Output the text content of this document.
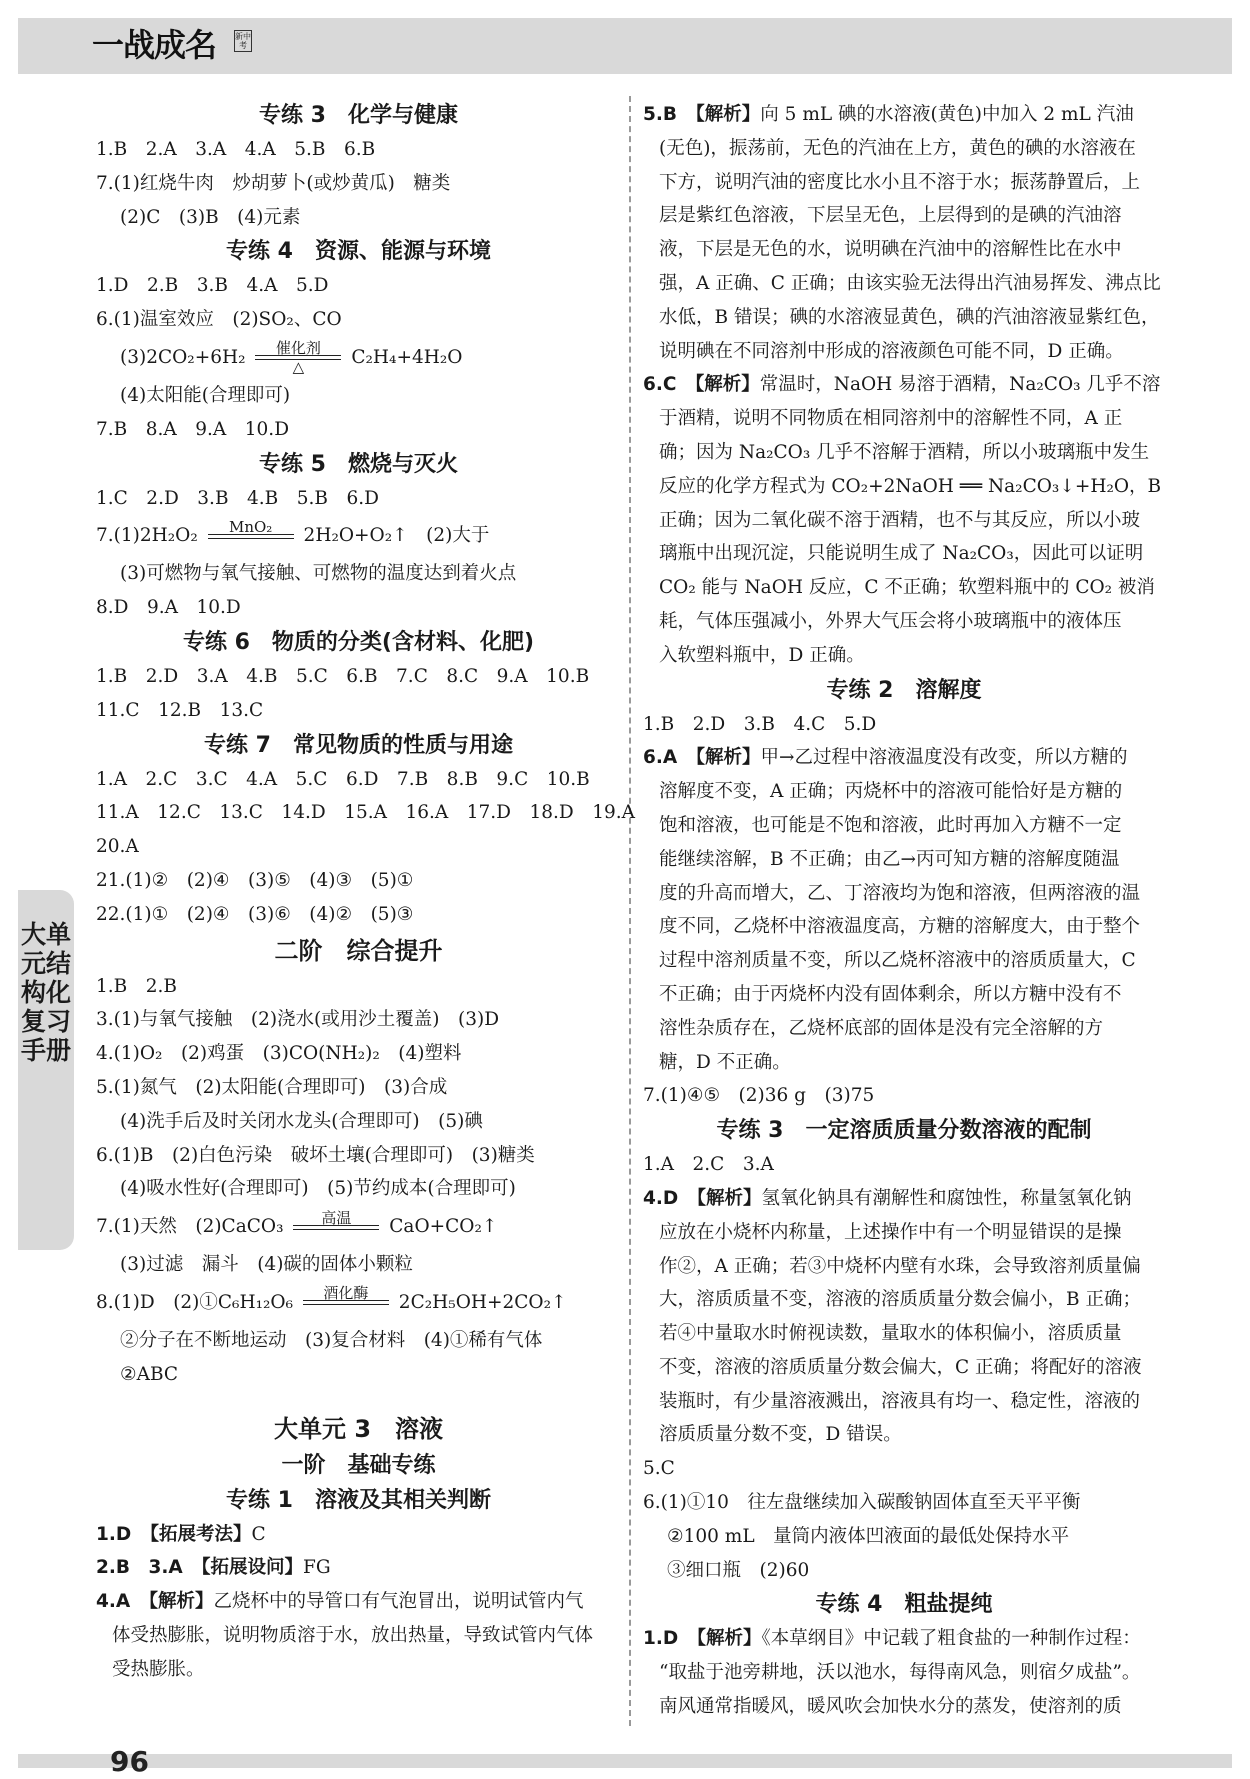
一战成名 新中考
大单元结构化复习手册
专练 3　化学与健康
1.B　2.A　3.A　4.A　5.B　6.B
7.(1)红烧牛肉　炒胡萝卜(或炒黄瓜)　糖类
(2)C　(3)B　(4)元素
专练 4　资源、能源与环境
1.D　2.B　3.B　4.A　5.D
6.(1)温室效应　(2)SO₂、CO
(3)2CO₂+6H₂ 催化剂
△	C₂H₄+4H₂O
(4)太阳能(合理即可)
7.B　8.A　9.A　10.D
专练 5　燃烧与灭火
1.C　2.D　3.B　4.B　5.B　6.D
7.(1)2H₂O₂ MnO₂ 2H₂O+O₂↑　(2)大于
(3)可燃物与氧气接触、可燃物的温度达到着火点
8.D　9.A　10.D
专练 6　物质的分类(含材料、化肥)
1.B　2.D　3.A　4.B　5.C　6.B　7.C　8.C　9.A　10.B
11.C　12.B　13.C
专练 7　常见物质的性质与用途
1.A　2.C　3.C　4.A　5.C　6.D　7.B　8.B　9.C　10.B
11.A　12.C　13.C　14.D　15.A　16.A　17.D　18.D　19.A
20.A
21.(1)②　(2)④　(3)⑤　(4)③　(5)①
22.(1)①　(2)④　(3)⑥　(4)②　(5)③
二阶　综合提升
1.B　2.B
3.(1)与氧气接触　(2)浇水(或用沙土覆盖)　(3)D
4.(1)O₂　(2)鸡蛋　(3)CO(NH₂)₂　(4)塑料
5.(1)氮气　(2)太阳能(合理即可)　(3)合成
(4)洗手后及时关闭水龙头(合理即可)　(5)碘
6.(1)B　(2)白色污染　破坏土壤(合理即可)　(3)糖类
(4)吸水性好(合理即可)　(5)节约成本(合理即可)
7.(1)天然　(2)CaCO₃	高温 CaO+CO₂↑
(3)过滤　漏斗　(4)碳的固体小颗粒
8.(1)D　(2)①C₆H₁₂O₆ 酒化酶 2C₂H₅OH+2CO₂↑
②分子在不断地运动　(3)复合材料　(4)①稀有气体
②ABC
大单元 3　溶液
一阶　基础专练
专练 1　溶液及其相关判断
1.D　 【拓展考法】C
2.B　3.A　 【拓展设问】FG
4.A　 【解析】乙烧杯中的导管口有气泡冒出，说明试管内气
体受热膨胀，说明物质溶于水，放出热量，导致试管内气体
受热膨胀。
5.B　 【解析】向 5 mL 碘的水溶液(黄色)中加入 2 mL 汽油
(无色)，振荡前，无色的汽油在上方，黄色的碘的水溶液在
下方，说明汽油的密度比水小且不溶于水；振荡静置后，上
层是紫红色溶液，下层呈无色，上层得到的是碘的汽油溶
液，下层是无色的水，说明碘在汽油中的溶解性比在水中
强，A 正确、C 正确；由该实验无法得出汽油易挥发、沸点比
水低，B 错误；碘的水溶液显黄色，碘的汽油溶液显紫红色，
说明碘在不同溶剂中形成的溶液颜色可能不同，D 正确。
6.C　 【解析】常温时，NaOH 易溶于酒精，Na₂CO₃ 几乎不溶
于酒精，说明不同物质在相同溶剂中的溶解性不同，A 正
确；因为 Na₂CO₃ 几乎不溶解于酒精，所以小玻璃瓶中发生
反应的化学方程式为 CO₂+2NaOH ══ Na₂CO₃↓+H₂O，B
正确；因为二氧化碳不溶于酒精，也不与其反应，所以小玻
璃瓶中出现沉淀，只能说明生成了 Na₂CO₃，因此可以证明
CO₂ 能与 NaOH 反应，C 不正确；软塑料瓶中的 CO₂ 被消
耗，气体压强减小，外界大气压会将小玻璃瓶中的液体压
入软塑料瓶中，D 正确。
专练 2　溶解度
1.B　2.D　3.B　4.C　5.D
6.A　 【解析】甲→乙过程中溶液温度没有改变，所以方糖的
溶解度不变，A 正确；丙烧杯中的溶液可能恰好是方糖的
饱和溶液，也可能是不饱和溶液，此时再加入方糖不一定
能继续溶解，B 不正确；由乙→丙可知方糖的溶解度随温
度的升高而增大，乙、丁溶液均为饱和溶液，但两溶液的温
度不同，乙烧杯中溶液温度高，方糖的溶解度大，由于整个
过程中溶剂质量不变，所以乙烧杯溶液中的溶质质量大，C
不正确；由于丙烧杯内没有固体剩余，所以方糖中没有不
溶性杂质存在，乙烧杯底部的固体是没有完全溶解的方
糖，D 不正确。
7.(1)④⑤　(2)36 g　(3)75
专练 3　一定溶质质量分数溶液的配制
1.A　2.C　3.A
4.D　 【解析】氢氧化钠具有潮解性和腐蚀性，称量氢氧化钠
应放在小烧杯内称量，上述操作中有一个明显错误的是操
作②，A 正确；若③中烧杯内壁有水珠，会导致溶剂质量偏
大，溶质质量不变，溶液的溶质质量分数会偏小，B 正确；
若④中量取水时俯视读数，量取水的体积偏小，溶质质量
不变，溶液的溶质质量分数会偏大，C 正确；将配好的溶液
装瓶时，有少量溶液溅出，溶液具有均一、稳定性，溶液的
溶质质量分数不变，D 错误。
5.C
6.(1)①10　往左盘继续加入碳酸钠固体直至天平平衡
②100 mL　量筒内液体凹液面的最低处保持水平
③细口瓶　(2)60
专练 4　粗盐提纯
1.D　 【解析】《本草纲目》中记载了粗食盐的一种制作过程：
“取盐于池旁耕地，沃以池水，每得南风急，则宿夕成盐”。
南风通常指暖风，暖风吹会加快水分的蒸发，使溶剂的质
96
